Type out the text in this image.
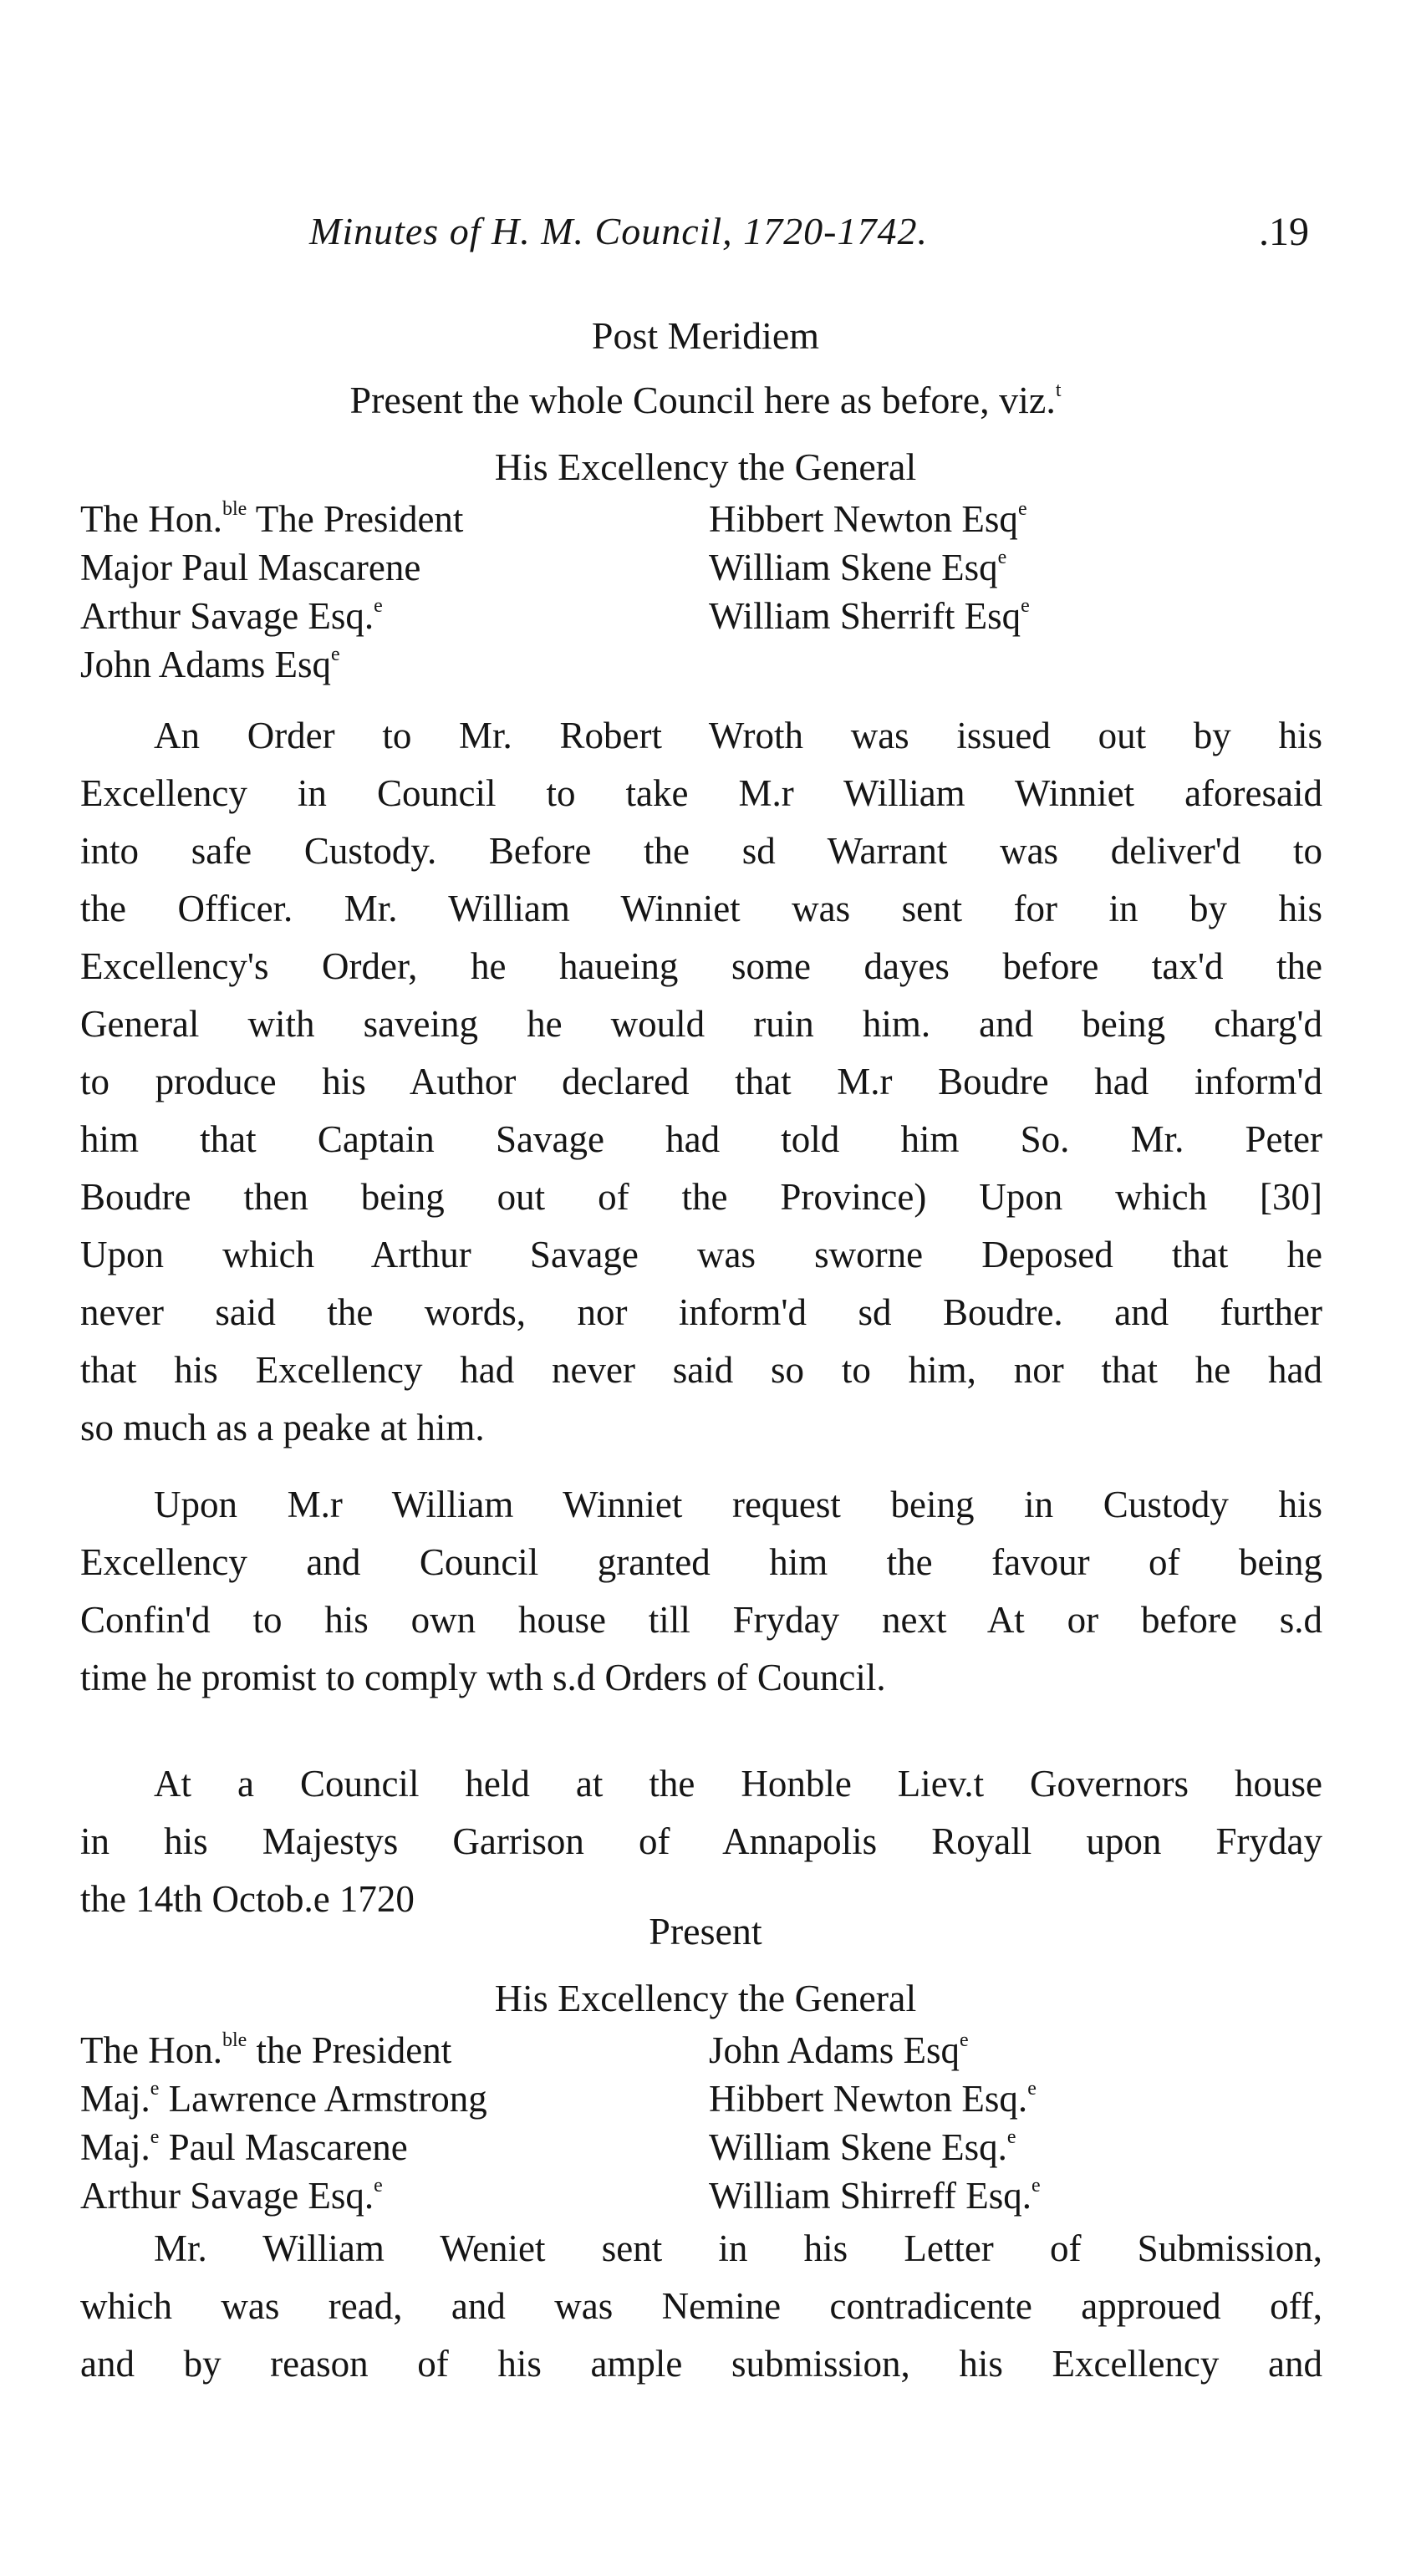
Minutes of H. M. Council, 1720-1742.	.19
Post Meridiem
Present the whole Council here as before, viz.$^t$
His Excellency the General
The Hon.$^{ble}$ The President	Hibbert Newton Esq$^e$
Major Paul Mascarene	William Skene Esq$^e$
Arthur Savage Esq.$^e$	William Sherrift Esq$^e$
John Adams Esq$^e$
An Order to Mr. Robert Wroth was issued out by his
Excellency in Council to take M.r William Winniet aforesaid
into safe Custody. Before the sd Warrant was deliver'd to
the Officer. Mr. William Winniet was sent for in by his
Excellency's Order, he haueing some dayes before tax'd the
General with saveing he would ruin him. and being charg'd
to produce his Author declared that M.r Boudre had inform'd
him that Captain Savage had told him So. Mr. Peter
Boudre then being out of the Province) Upon which [30]
Upon which Arthur Savage was sworne Deposed that he
never said the words, nor inform'd sd Boudre. and further
that his Excellency had never said so to him, nor that he had
so much as a peake at him.
Upon M.r William Winniet request being in Custody his
Excellency and Council granted him the favour of being
Confin'd to his own house till Fryday next At or before s.d
time he promist to comply wth s.d Orders of Council.
At a Council held at the Honble Liev.t Governors house
in his Majestys Garrison of Annapolis Royall upon Fryday
the 14th Octob.e 1720
Present
His Excellency the General
The Hon.$^{ble}$ the President	John Adams Esq$^e$
Maj.$^e$ Lawrence Armstrong	Hibbert Newton Esq.$^e$
Maj.$^e$ Paul Mascarene	William Skene Esq.$^e$
Arthur Savage Esq.$^e$	William Shirreff Esq.$^e$
Mr. William Weniet sent in his Letter of Submission,
which was read, and was Nemine contradicente approued off,
and by reason of his ample submission, his Excellency and
